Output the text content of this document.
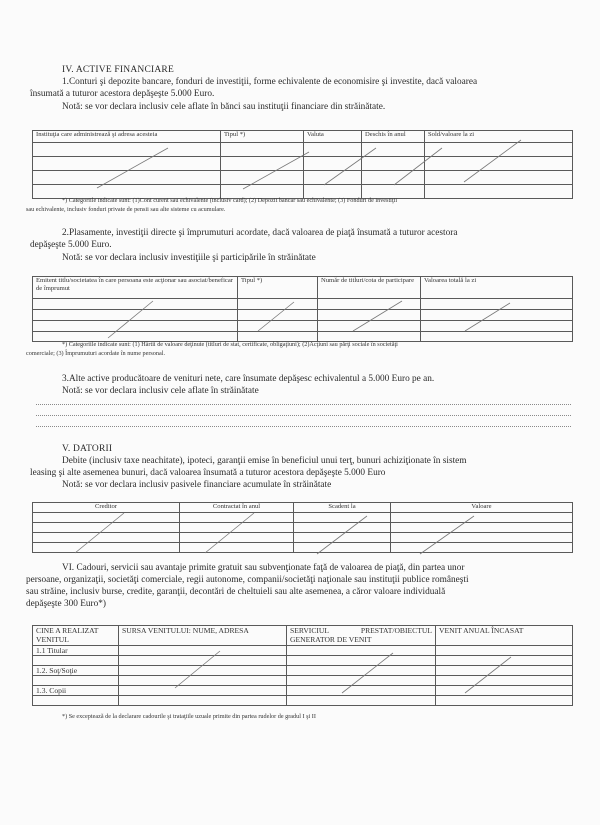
IV. ACTIVE FINANCIARE
1.Conturi şi depozite bancare, fonduri de investiţii, forme echivalente de economisire şi investite, dacă valoarea
însumată a tuturor acestora depăşeşte 5.000 Euro.
Notă: se vor declara inclusiv cele aflate în bănci sau instituţii financiare din străinătate.
Instituţia care administrează şi adresa acesteia	Tipul *)	Valuta	Deschis în anul	Sold/valoare la zi

*) Categoriile indicate sunt: (1)Cont curent sau echivalente (inclusiv card); (2) Depozit bancar sau echivalente; (3) Fonduri de investiţii
sau echivalente, inclusiv fonduri private de pensii sau alte sisteme cu acumulare.
2.Plasamente, investiţii directe şi împrumuturi acordate, dacă valoarea de piaţă însumată a tuturor acestora
depăşeşte 5.000 Euro.
Notă: se vor declara inclusiv investiţiile şi participările în străinătate
Emitent titlu/societatea în care persoana este acţionar sau asociat/beneficar de împrumut	Tipul *)	Număr de titluri/cota de participare	Valoarea totală la zi

*) Categoriile indicate sunt: (1) Hârtii de valoare deţinute (titluri de stat, certificate, obligaţiuni); (2)Acţiuni sau părţi sociale în societăţi
comerciale; (3) Împrumuturi acordate în nume personal.
3.Alte active producătoare de venituri nete, care însumate depăşesc echivalentul a 5.000 Euro pe an.
Notă: se vor declara inclusiv cele aflate în străinătate
V. DATORII
Debite (inclusiv taxe neachitate), ipoteci, garanţii emise în beneficiul unui terţ, bunuri achiziţionate în sistem
leasing şi alte asemenea bunuri, dacă valoarea însumată a tuturor acestora depăşeşte 5.000 Euro
Notă: se vor declara inclusiv pasivele financiare acumulate în străinătate
Creditor	Contractat în anul	Scadent la	Valoare

VI. Cadouri, servicii sau avantaje primite gratuit sau subvenţionate faţă de valoarea de piaţă, din partea unor
persoane, organizaţii, societăţi comerciale, regii autonome, companii/societăţi naţionale sau instituţii publice româneşti
sau străine, inclusiv burse, credite, garanţii, decontări de cheltuieli sau alte asemenea, a căror valoare individuală
depăşeşte 300 Euro*)
CINE A REALIZAT VENITUL	SURSA VENITULUI: NUME, ADRESA	SERVICIUL PRESTAT/OBIECTUL GENERATOR DE VENIT	VENIT ANUAL ÎNCASAT
1.1 Titular			

1.2. Soţ/Soţie			

1.3. Copii			

*) Se exceptează de la declarare cadourile şi trataţiile uzuale primite din partea rudelor de gradul I şi II
